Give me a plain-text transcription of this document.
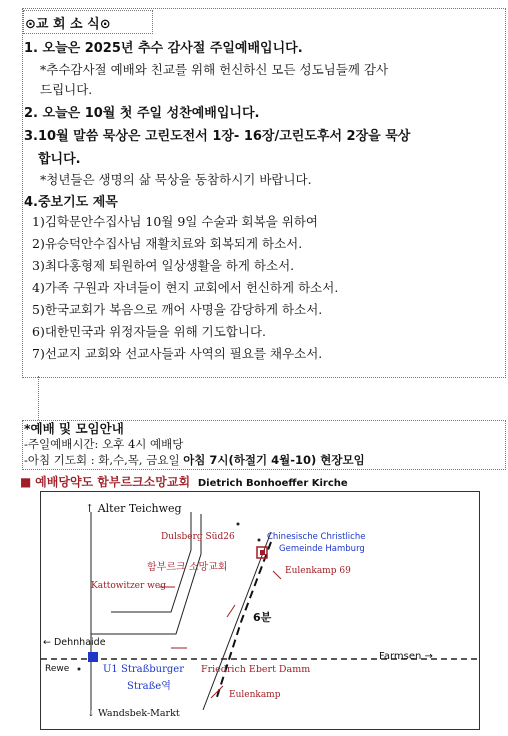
⊙교 회 소 식⊙
1. 오늘은 2025년 추수 감사절 주일예배입니다.
*추수감사절 예배와 친교를 위해 헌신하신 모든 성도님들께 감사
드립니다.
2. 오늘은 10월 첫 주일 성찬예배입니다.
3.10월 말씀 묵상은 고린도전서 1장- 16장/고린도후서 2장을 묵상
합니다.
*청년들은 생명의 삶 묵상을 동참하시기 바랍니다.
4.중보기도 제목
1)김학문안수집사님 10월 9일 수술과 회복을 위하여
2)유승덕안수집사님 재활치료와 회복되게 하소서.
3)최다홍형제 퇴원하여 일상생활을 하게 하소서.
4)가족 구원과 자녀들이 현지 교회에서 헌신하게 하소서.
5)한국교회가 복음으로 깨어 사명을 감당하게 하소서.
6)대한민국과 위정자들을 위해 기도합니다.
7)선교지 교회와 선교사들과 사역의 필요를 채우소서.
*예배 및 모임안내
-주일예배시간: 오후 4시 예배당
-아침 기도회 : 화,수,목, 금요일 아침 7시(하절기 4월-10) 현장모임
■ 예배당약도 함부르크소망교회 Dietrich Bonhoeffer Kirche
↑ Alter Teichweg
Dulsberg Süd26	Chinesische Christliche
Gemeinde Hamburg
함부르크 소망교회	Eulenkamp 69
Kattowitzer weg
6분
← Dehnhaide
Rewe	U1 Straßburger
Straße역
Friedrich Ebert Damm
Farmsen →
Eulenkamp
↓ Wandsbek-Markt
